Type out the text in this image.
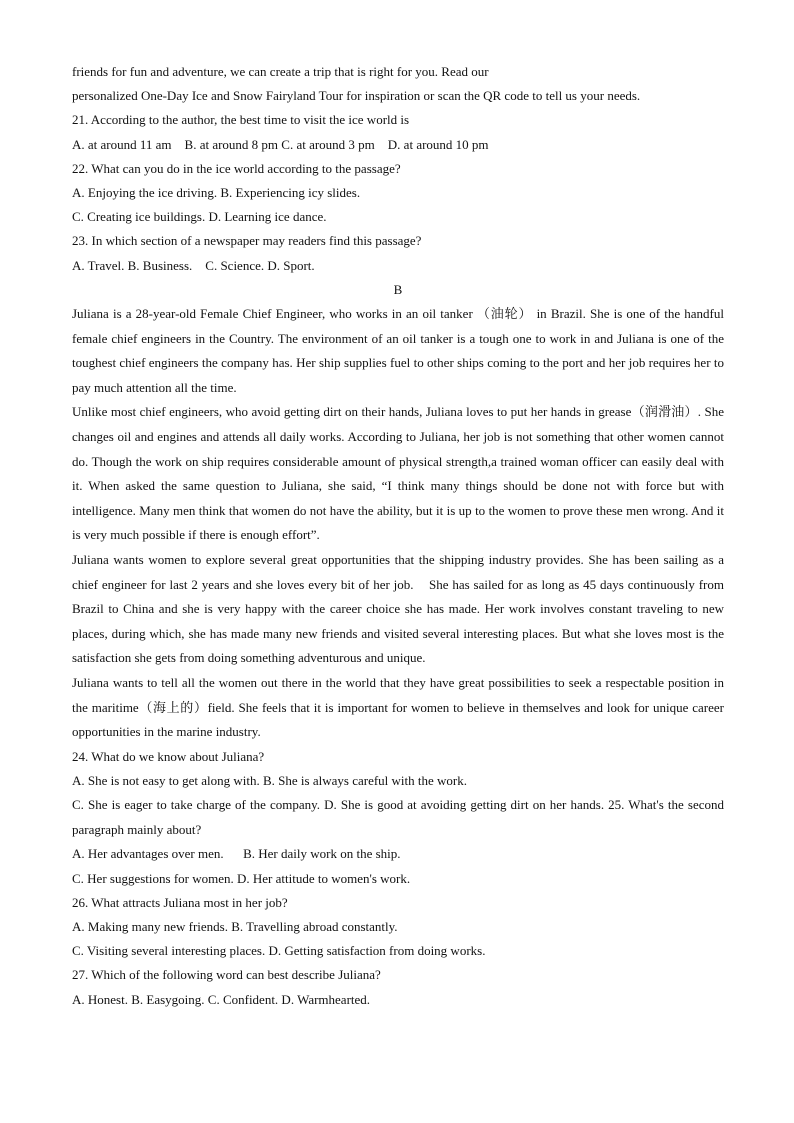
friends for fun and adventure, we can create a trip that is right for you. Read our

personalized One-Day Ice and Snow Fairyland Tour for inspiration or scan the QR code to tell us your needs.

21. According to the author, the best time to visit the ice world is

A. at around 11 am    B. at around 8 pm C. at around 3 pm    D. at around 10 pm

22. What can you do in the ice world according to the passage?

A. Enjoying the ice driving. B. Experiencing icy slides.

C. Creating ice buildings. D. Learning ice dance.

23. In which section of a newspaper may readers find this passage?

A. Travel. B. Business.    C. Science. D. Sport.

B

Juliana is a 28-year-old Female Chief Engineer, who works in an oil tanker （油轮） in Brazil. She is one of the handful female chief engineers in the Country. The environment of an oil tanker is a tough one to work in and Juliana is one of the toughest chief engineers the company has. Her ship supplies fuel to other ships coming to the port and her job requires her to pay much attention all the time.

Unlike most chief engineers, who avoid getting dirt on their hands, Juliana loves to put her hands in grease（润滑油）. She changes oil and engines and attends all daily works. According to Juliana, her job is not something that other women cannot do. Though the work on ship requires considerable amount of physical strength,a trained woman officer can easily deal with it. When asked the same question to Juliana, she said, “I think many things should be done not with force but with intelligence. Many men think that women do not have the ability, but it is up to the women to prove these men wrong. And it is very much possible if there is enough effort”.

Juliana wants women to explore several great opportunities that the shipping industry provides. She has been sailing as a chief engineer for last 2 years and she loves every bit of her job.    She has sailed for as long as 45 days continuously from Brazil to China and she is very happy with the career choice she has made. Her work involves constant traveling to new places, during which, she has made many new friends and visited several interesting places. But what she loves most is the satisfaction she gets from doing something adventurous and unique.

Juliana wants to tell all the women out there in the world that they have great possibilities to seek a respectable position in the maritime（海上的）field. She feels that it is important for women to believe in themselves and look for unique career opportunities in the marine industry.

24. What do we know about Juliana?

A. She is not easy to get along with. B. She is always careful with the work.

C. She is eager to take charge of the company. D. She is good at avoiding getting dirt on her hands. 25. What's the second paragraph mainly about?

A. Her advantages over men.      B. Her daily work on the ship.

C. Her suggestions for women. D. Her attitude to women's work.

26. What attracts Juliana most in her job?

A. Making many new friends. B. Travelling abroad constantly.

C. Visiting several interesting places. D. Getting satisfaction from doing works.

27. Which of the following word can best describe Juliana?

A. Honest. B. Easygoing. C. Confident. D. Warmhearted.
